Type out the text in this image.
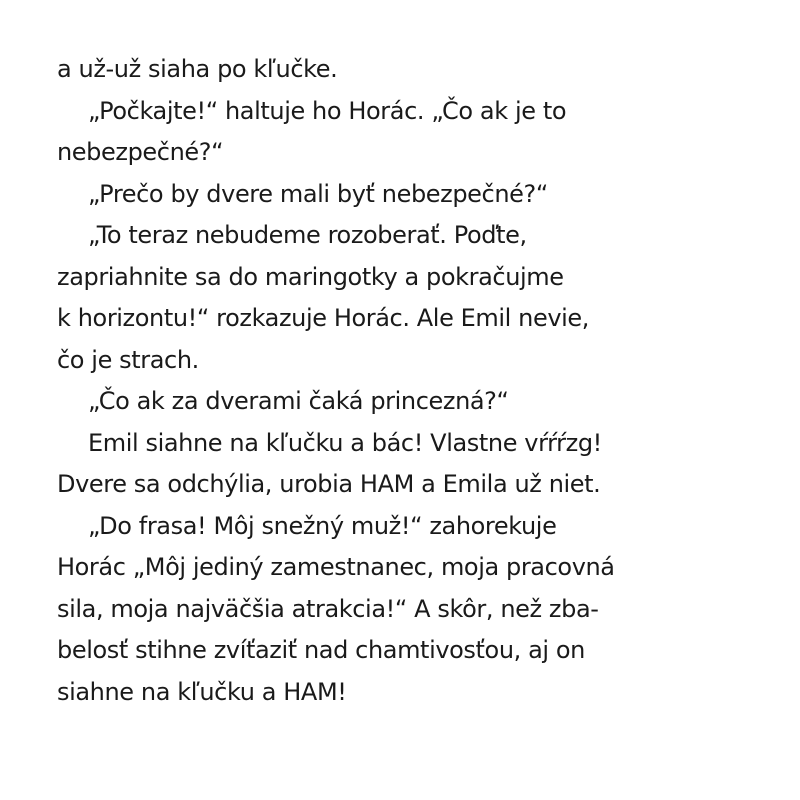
a už-už siaha po kľučke.
„Počkajte!“ haltuje ho Horác. „Čo ak je to
nebezpečné?“
„Prečo by dvere mali byť nebezpečné?“
„To teraz nebudeme rozoberať. Poďte,
zapriahnite sa do maringotky a pokračujme
k horizontu!“ rozkazuje Horác. Ale Emil nevie,
čo je strach.
„Čo ak za dverami čaká princezná?“
Emil siahne na kľučku a bác! Vlastne vŕŕŕzg!
Dvere sa odchýlia, urobia HAM a Emila už niet.
„Do frasa! Môj snežný muž!“ zahorekuje
Horác „Môj jediný zamestnanec, moja pracovná
sila, moja najväčšia atrakcia!“ A skôr, než zba-
belosť stihne zvíťaziť nad chamtivosťou, aj on
siahne na kľučku a HAM!
